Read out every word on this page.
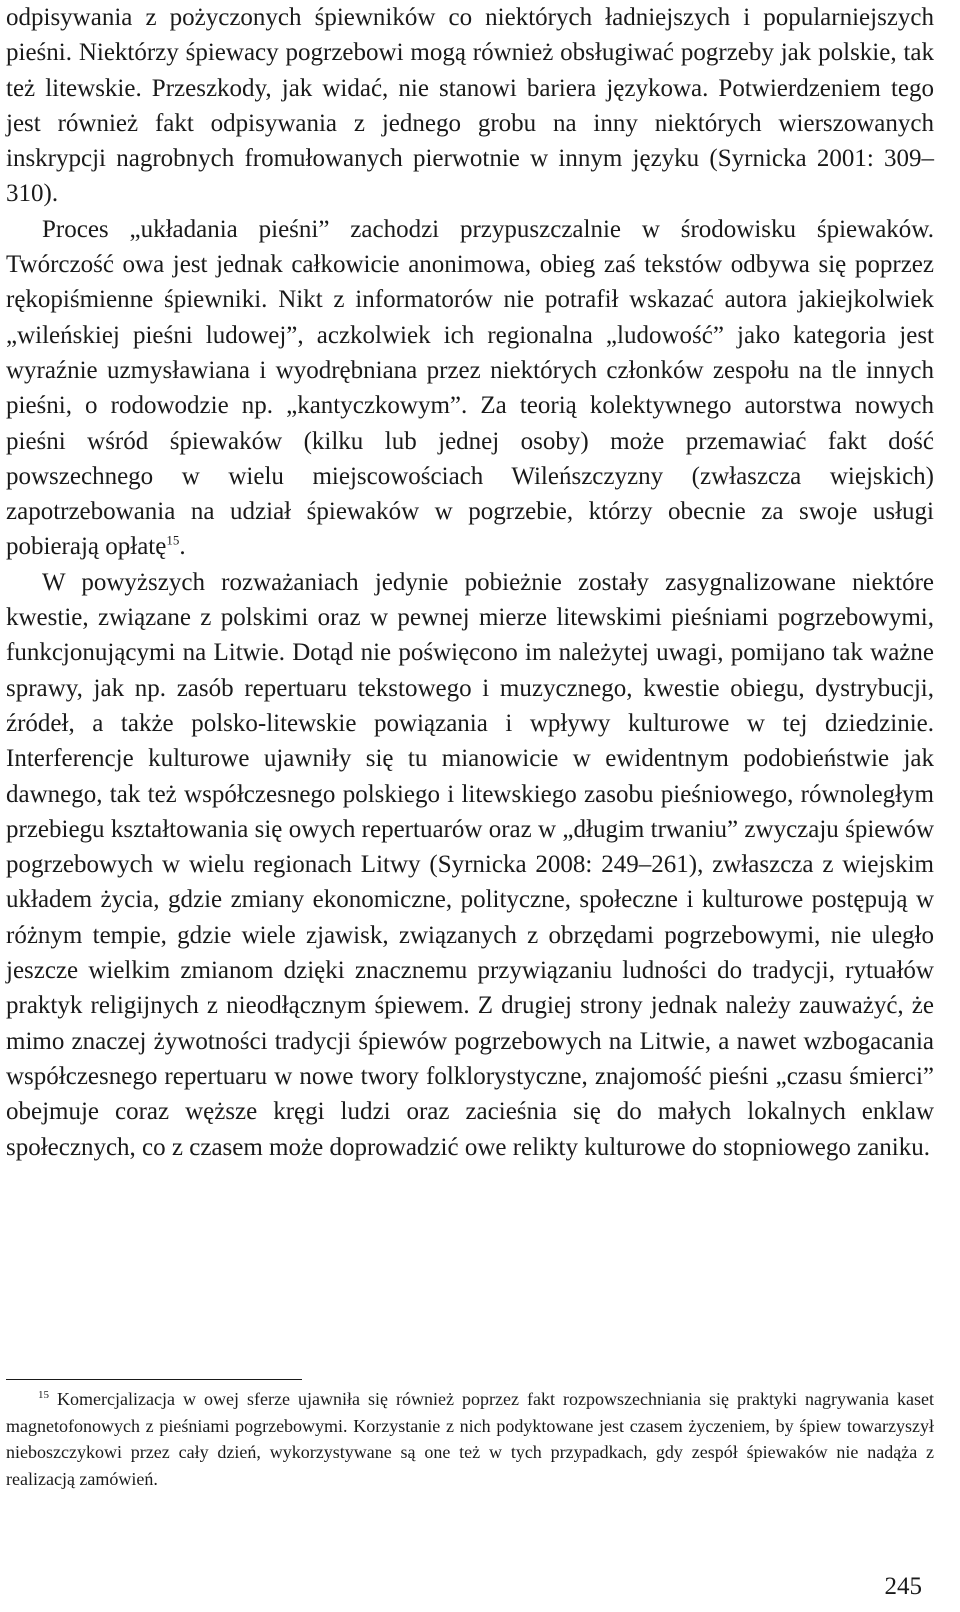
odpisywania z pożyczonych śpiewników co niektórych ładniejszych i popularniejszych pieśni. Niektórzy śpiewacy pogrzebowi mogą również obsługiwać pogrzeby jak polskie, tak też litewskie. Przeszkody, jak widać, nie stanowi bariera językowa. Potwierdzeniem tego jest również fakt odpisywania z jednego grobu na inny niektórych wierszowanych inskrypcji nagrobnych fromułowanych pierwotnie w innym języku (Syrnicka 2001: 309–310).

Proces „układania pieśni” zachodzi przypuszczalnie w środowisku śpiewaków. Twórczość owa jest jednak całkowicie anonimowa, obieg zaś tekstów odbywa się poprzez rękopiśmienne śpiewniki. Nikt z informatorów nie potrafił wskazać autora jakiejkolwiek „wileńskiej pieśni ludowej”, aczkolwiek ich regionalna „ludowość” jako kategoria jest wyraźnie uzmysławiana i wyodrębniana przez niektórych członków zespołu na tle innych pieśni, o rodowodzie np. „kantyczkowym”. Za teorią kolektywnego autorstwa nowych pieśni wśród śpiewaków (kilku lub jednej osoby) może przemawiać fakt dość powszechnego w wielu miejscowościach Wileńszczyzny (zwłaszcza wiejskich) zapotrzebowania na udział śpiewaków w pogrzebie, którzy obecnie za swoje usługi pobierają opłatę$^{15}$.

W powyższych rozważaniach jedynie pobieżnie zostały zasygnalizowane niektóre kwestie, związane z polskimi oraz w pewnej mierze litewskimi pieśniami pogrzebowymi, funkcjonującymi na Litwie. Dotąd nie poświęcono im należytej uwagi, pomijano tak ważne sprawy, jak np. zasób repertuaru tekstowego i muzycznego, kwestie obiegu, dystrybucji, źródeł, a także polsko-litewskie powiązania i wpływy kulturowe w tej dziedzinie. Interferencje kulturowe ujawniły się tu mianowicie w ewidentnym podobieństwie jak dawnego, tak też współczesnego polskiego i litewskiego zasobu pieśniowego, równoległym przebiegu kształtowania się owych repertuarów oraz w „długim trwaniu” zwyczaju śpiewów pogrzebowych w wielu regionach Litwy (Syrnicka 2008: 249–261), zwłaszcza z wiejskim układem życia, gdzie zmiany ekonomiczne, polityczne, społeczne i kulturowe postępują w różnym tempie, gdzie wiele zjawisk, związanych z obrzędami pogrzebowymi, nie uległo jeszcze wielkim zmianom dzięki znacznemu przywiązaniu ludności do tradycji, rytuałów praktyk religijnych z nieodłącznym śpiewem. Z drugiej strony jednak należy zauważyć, że mimo znaczej żywotności tradycji śpiewów pogrzebowych na Litwie, a nawet wzbogacania współczesnego repertuaru w nowe twory folklorystyczne, znajomość pieśni „czasu śmierci” obejmuje coraz węższe kręgi ludzi oraz zacieśnia się do małych lokalnych enklaw społecznych, co z czasem może doprowadzić owe relikty kulturowe do stopniowego zaniku.

$^{15}$ Komercjalizacja w owej sferze ujawniła się również poprzez fakt rozpowszechniania się praktyki nagrywania kaset magnetofonowych z pieśniami pogrzebowymi. Korzystanie z nich podyktowane jest czasem życzeniem, by śpiew towarzyszył nieboszczykowi przez cały dzień, wykorzystywane są one też w tych przypadkach, gdy zespół śpiewaków nie nadąża z realizacją zamówień.

245
